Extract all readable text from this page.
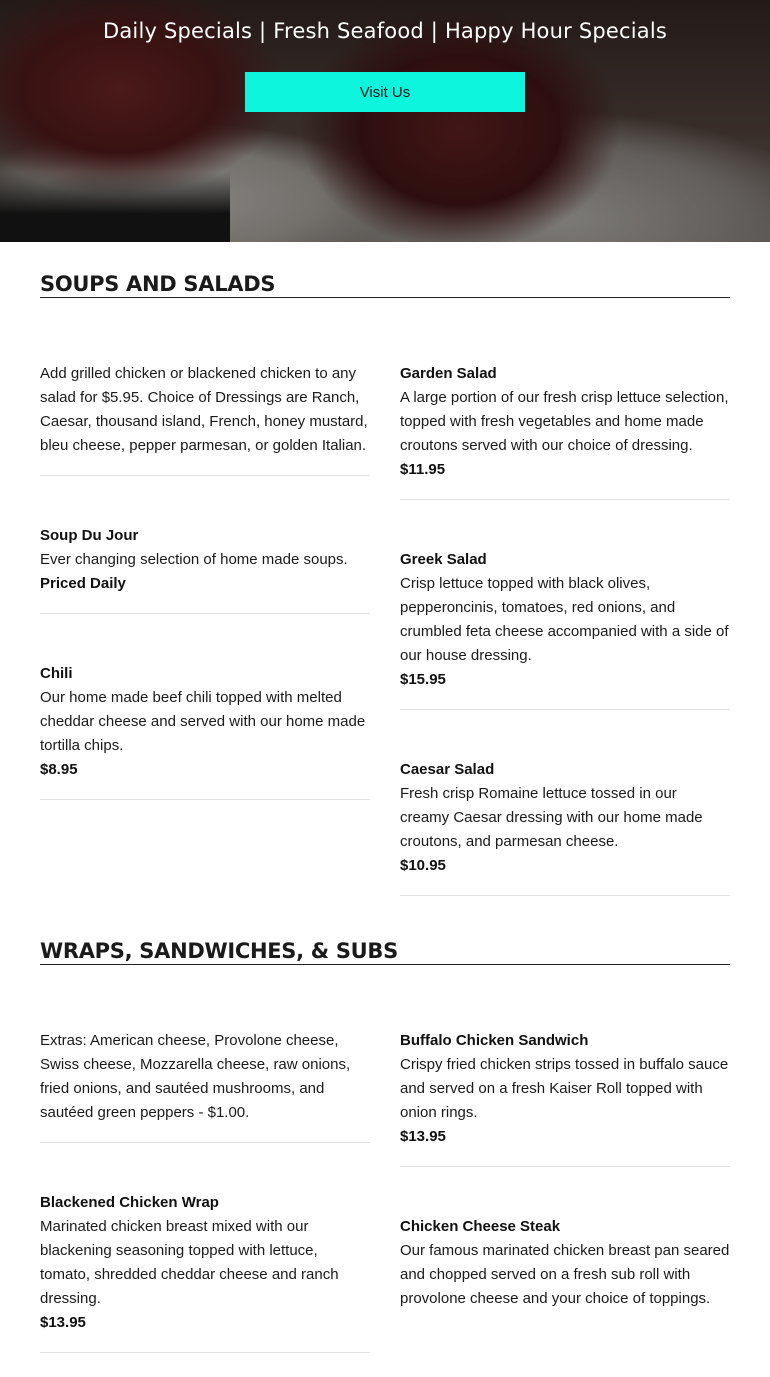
Daily Specials | Fresh Seafood | Happy Hour Specials
Visit Us
SOUPS AND SALADS
Add grilled chicken or blackened chicken to any salad for $5.95. Choice of Dressings are Ranch, Caesar, thousand island, French, honey mustard, bleu cheese, pepper parmesan, or golden Italian.
Soup Du Jour
Ever changing selection of home made soups.
Priced Daily
Chili
Our home made beef chili topped with melted cheddar cheese and served with our home made tortilla chips.
$8.95
Garden Salad
A large portion of our fresh crisp lettuce selection, topped with fresh vegetables and home made croutons served with our choice of dressing.
$11.95
Greek Salad
Crisp lettuce topped with black olives, pepperoncinis, tomatoes, red onions, and crumbled feta cheese accompanied with a side of our house dressing.
$15.95
Caesar Salad
Fresh crisp Romaine lettuce tossed in our creamy Caesar dressing with our home made croutons, and parmesan cheese.
$10.95
WRAPS, SANDWICHES, & SUBS
Extras: American cheese, Provolone cheese, Swiss cheese, Mozzarella cheese, raw onions, fried onions, and sautéed mushrooms, and sautéed green peppers - $1.00.
Blackened Chicken Wrap
Marinated chicken breast mixed with our blackening seasoning topped with lettuce, tomato, shredded cheddar cheese and ranch dressing.
$13.95
Buffalo Chicken Sandwich
Crispy fried chicken strips tossed in buffalo sauce and served on a fresh Kaiser Roll topped with onion rings.
$13.95
Chicken Cheese Steak
Our famous marinated chicken breast pan seared and chopped served on a fresh sub roll with provolone cheese and your choice of toppings.
